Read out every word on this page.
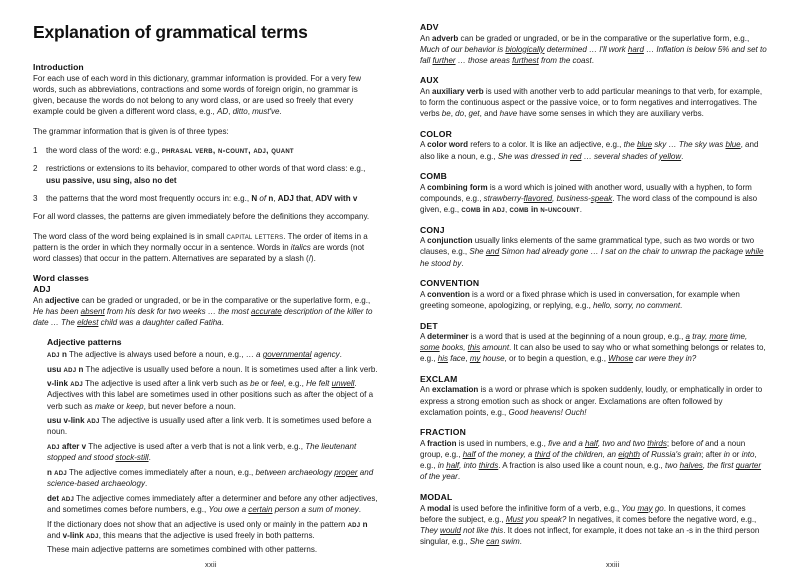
Explanation of grammatical terms
Introduction

For each use of each word in this dictionary, grammar information is provided. For a very few words, such as abbreviations, contractions and some words of foreign origin, no grammar is given, because the words do not belong to any word class, or are used so freely that every example could be given a different word class, e.g., AD, ditto, must've.

The grammar information that is given is of three types:

1 the word class of the word: e.g., phrasal verb, n-count, adj, quant
2 restrictions or extensions to its behavior, compared to other words of that word class: e.g., usu passive, usu sing, also no det
3 the patterns that the word most frequently occurs in: e.g., N of n, ADJ that, ADV with v

For all word classes, the patterns are given immediately before the definitions they accompany.

The word class of the word being explained is in small capital letters. The order of items in a pattern is the order in which they normally occur in a sentence. Words in italics are words (not word classes) that occur in the pattern. Alternatives are separated by a slash (/).

Word classes
ADJ

An adjective can be graded or ungraded, or be in the comparative or the superlative form, e.g., He has been absent from his desk for two weeks … the most accurate description of the killer to date … The eldest child was a daughter called Fatiha.

Adjective patterns

adj n The adjective is always used before a noun, e.g., … a governmental agency.

usu adj n The adjective is usually used before a noun. It is sometimes used after a link verb.

v-link adj The adjective is used after a link verb such as be or feel, e.g., He felt unwell. Adjectives with this label are sometimes used in other positions such as after the object of a verb such as make or keep, but never before a noun.

usu v-link adj The adjective is usually used after a link verb. It is sometimes used before a noun.

adj after v The adjective is used after a verb that is not a link verb, e.g., The lieutenant stopped and stood stock-still.

n adj The adjective comes immediately after a noun, e.g., between archaeology proper and science-based archaeology.

det adj The adjective comes immediately after a determiner and before any other adjectives, and sometimes comes before numbers, e.g., You owe a certain person a sum of money.

If the dictionary does not show that an adjective is used only or mainly in the pattern adj n and v-link adj, this means that the adjective is used freely in both patterns.

These main adjective patterns are sometimes combined with other patterns.

ADV

An adverb can be graded or ungraded, or be in the comparative or the superlative form, e.g., Much of our behavior is biologically determined … I'll work hard … Inflation is below 5% and set to fall further … those areas furthest from the coast.

AUX

An auxiliary verb is used with another verb to add particular meanings to that verb, for example, to form the continuous aspect or the passive voice, or to form negatives and interrogatives. The verbs be, do, get, and have have some senses in which they are auxiliary verbs.

COLOR

A color word refers to a color. It is like an adjective, e.g., the blue sky … The sky was blue, and also like a noun, e.g., She was dressed in red … several shades of yellow.

COMB

A combining form is a word which is joined with another word, usually with a hyphen, to form compounds, e.g., strawberry-flavored, business-speak. The word class of the compound is also given, e.g., comb in adj, comb in n-uncount.

CONJ

A conjunction usually links elements of the same grammatical type, such as two words or two clauses, e.g., She and Simon had already gone … I sat on the chair to unwrap the package while he stood by.

CONVENTION

A convention is a word or a fixed phrase which is used in conversation, for example when greeting someone, apologizing, or replying, e.g., hello, sorry, no comment.

DET

A determiner is a word that is used at the beginning of a noun group, e.g., a tray, more time, some books, this amount. It can also be used to say who or what something belongs or relates to, e.g., his face, my house, or to begin a question, e.g., Whose car were they in?

EXCLAM

An exclamation is a word or phrase which is spoken suddenly, loudly, or emphatically in order to express a strong emotion such as shock or anger. Exclamations are often followed by exclamation points, e.g., Good heavens! Ouch!

FRACTION

A fraction is used in numbers, e.g., five and a half, two and two thirds; before of and a noun group, e.g., half of the money, a third of the children, an eighth of Russia's grain; after in or into, e.g., in half, into thirds. A fraction is also used like a count noun, e.g., two halves, the first quarter of the year.

MODAL

A modal is used before the infinitive form of a verb, e.g., You may go. In questions, it comes before the subject, e.g., Must you speak? In negatives, it comes before the negative word, e.g., They would not like this. It does not inflect, for example, it does not take an -s in the third person singular, e.g., She can swim.

xxii	xxiii
